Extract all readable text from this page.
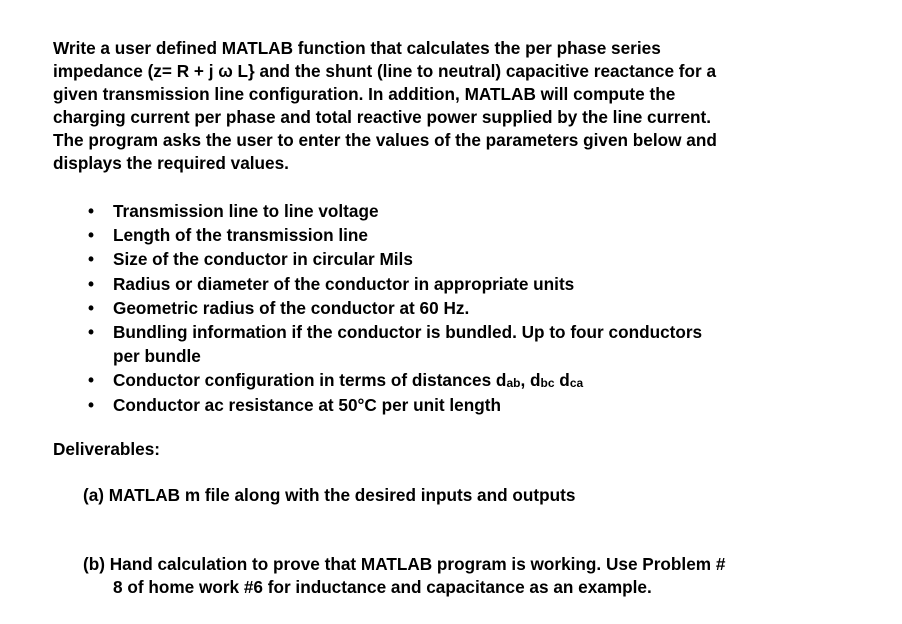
Write a user defined MATLAB function that calculates the per phase series
impedance (z= R + j ω L} and the shunt (line to neutral) capacitive reactance for a
given transmission line configuration. In addition, MATLAB will compute the
charging current per phase and total reactive power supplied by the line current.
The program asks the user to enter the values of the parameters given below and
displays the required values.

• Transmission line to line voltage
• Length of the transmission line
• Size of the conductor in circular Mils
• Radius or diameter of the conductor in appropriate units
• Geometric radius of the conductor at 60 Hz.
• Bundling information if the conductor is bundled. Up to four conductors
per bundle
• Conductor configuration in terms of distances $d_{ab}$, $d_{bc}$ $d_{ca}$
• Conductor ac resistance at 50°C per unit length

Deliverables:

(a) MATLAB m file along with the desired inputs and outputs

(b) Hand calculation to prove that MATLAB program is working. Use Problem #
8 of home work #6 for inductance and capacitance as an example.
